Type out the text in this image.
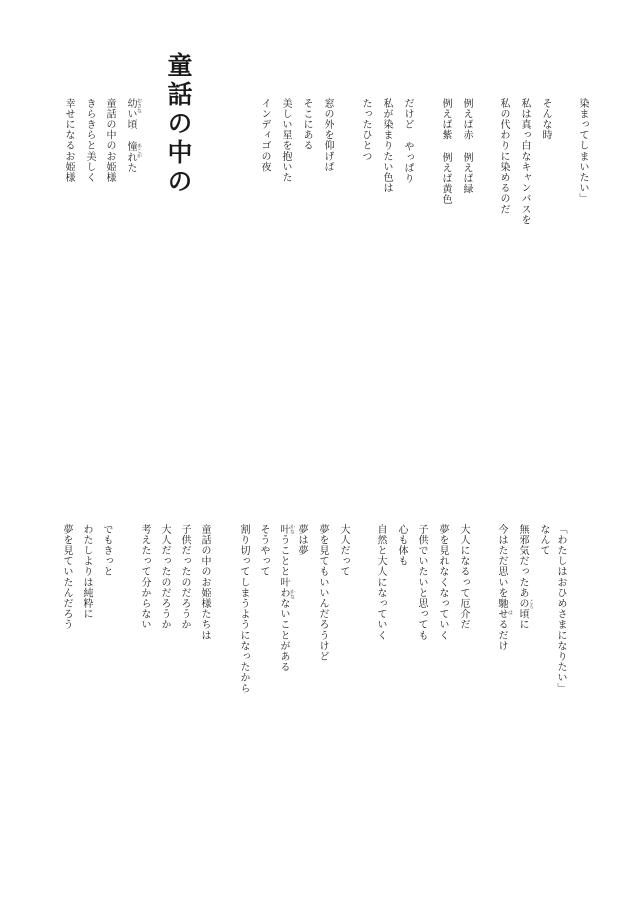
童話の中の	染まってしまいたい」
そんな時
私は真っ白なキャンバスを
私の代わりに染めるのだ
例えば赤 例えば緑
例えば紫 例えば黄色
だけど やっぱり
私が染まりたい色は
たったひとつ
窓の外を仰げば
そこにある
美しい星を抱いた
インディゴの夜
幼い頃 憧れた
童話の中のお姫様
きらきらと美しく
幸せになるお姫様
「わたしはおひめさまになりたい」
なんて
無邪気だったあの頃に
今はただ思いを馳せるだけ
大人になるって厄介だ
夢を見れなくなっていく
子供でいたいと思っても
心も体も
自然と大人になっていく
大人だって
夢を見てもいいんだろうけど
夢は夢
叶うことと叶わないことがある
そうやって
割り切ってしまうようになったから
童話の中のお姫様たちは
子供だったのだろうか
大人だったのだろうか
考えたって分からない
でもきっと
わたしよりは純粋に
夢を見ていたんだろう
おさな
あこが
ころ
は
かな
かな
